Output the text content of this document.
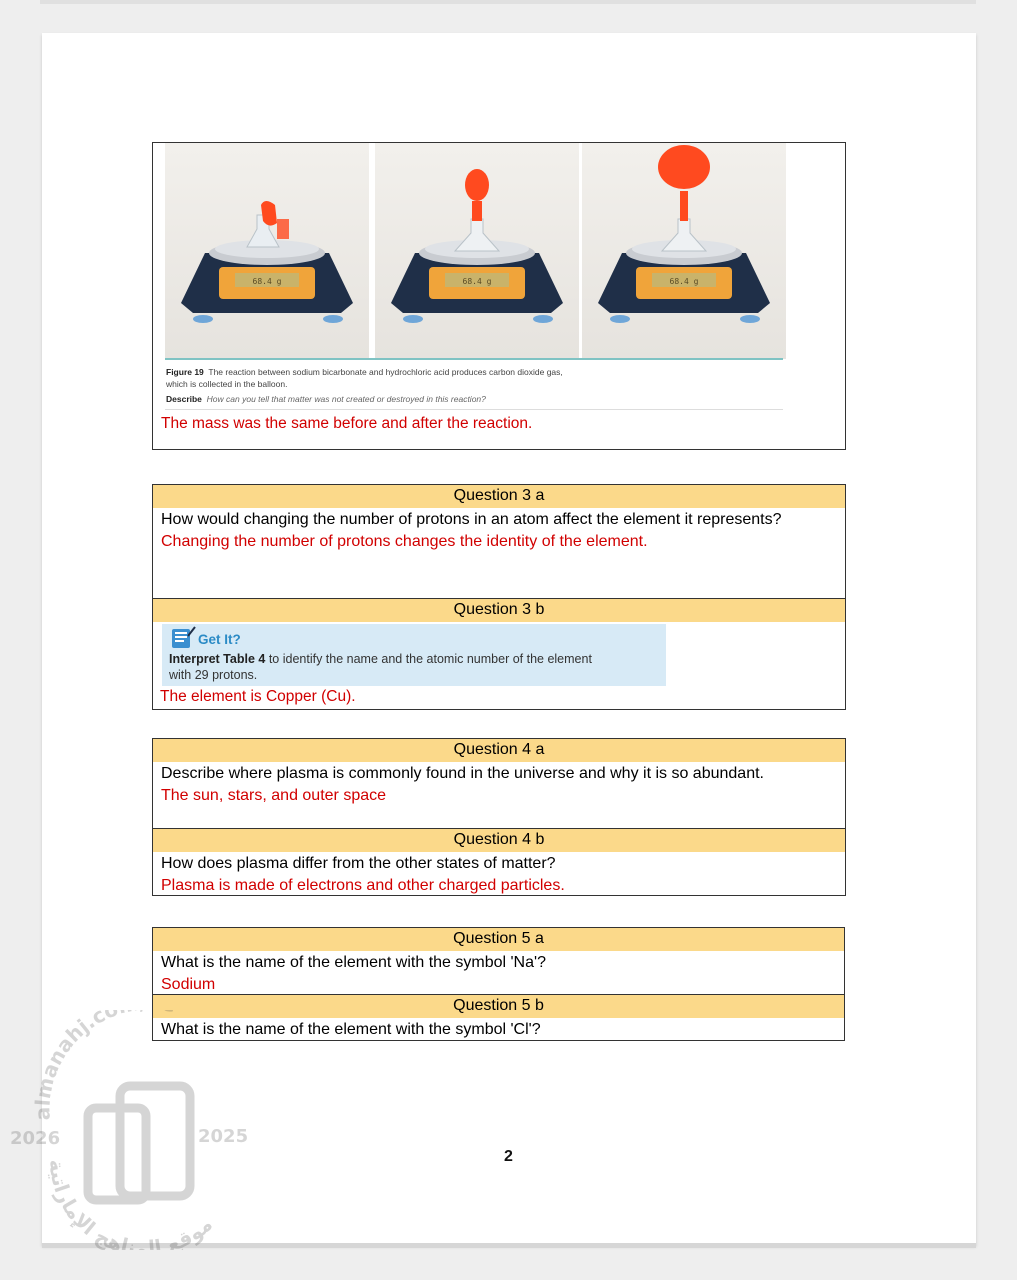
68.4 g	68.4 g	68.4 g
Figure 19 The reaction between sodium bicarbonate and hydrochloric acid produces carbon dioxide gas,
which is collected in the balloon.
Describe How can you tell that matter was not created or destroyed in this reaction?
The mass was the same before and after the reaction.
Question 3 a
How would changing the number of protons in an atom affect the element it represents? Changing the number of protons changes the identity of the element.
Question 3 b
Get It?
Interpret Table 4 to identify the name and the atomic number of the element
with 29 protons.
The element is Copper (Cu).
Question 4 a
Describe where plasma is commonly found in the universe and why it is so abundant.
The sun, stars, and outer space
Question 4 b
How does plasma differ from the other states of matter?
Plasma is made of electrons and other charged particles.
Question 5 a
What is the name of the element with the symbol 'Na'?
Sodium
Question 5 b
What is the name of the element with the symbol 'Cl'?
almanahj.c
2026	2025
موقع المناهج الإماراتية
2
